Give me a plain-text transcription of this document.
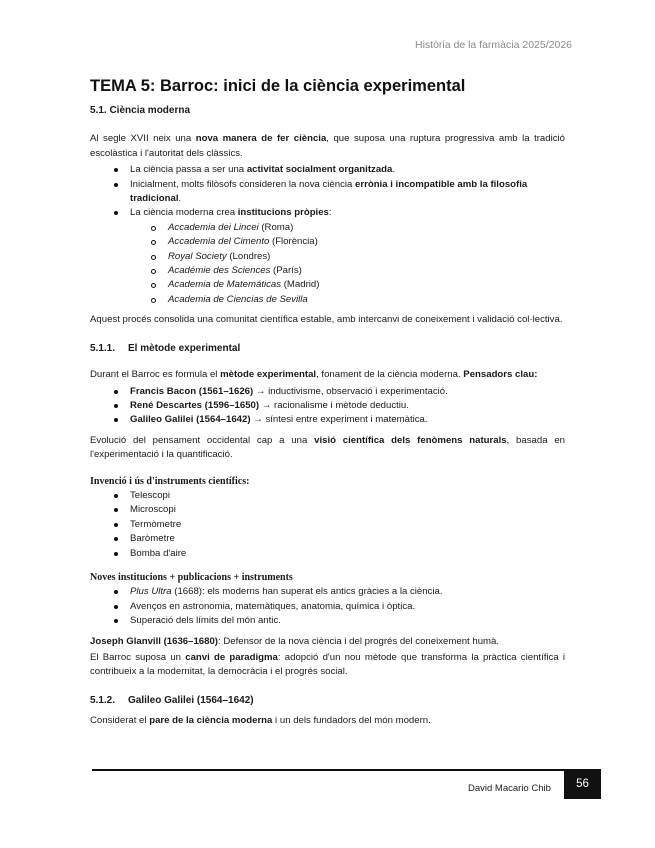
Història de la farmàcia 2025/2026
TEMA 5: Barroc: inici de la ciència experimental
5.1. Ciència moderna

Al segle XVII neix una nova manera de fer ciència, que suposa una ruptura progressiva amb la tradició escolàstica i l'autoritat dels clàssics.

La ciència passa a ser una activitat socialment organitzada.
Inicialment, molts filòsofs consideren la nova ciència errònia i incompatible amb la filosofia tradicional.
La ciència moderna crea institucions pròpies:
Accademia dei Lincei (Roma)
Accademia del Cimento (Florència)
Royal Society (Londres)
Académie des Sciences (París)
Academia de Matemáticas (Madrid)
Academia de Ciencias de Sevilla

Aquest procés consolida una comunitat científica estable, amb intercanvi de coneixement i validació col·lectiva.

5.1.1. El mètode experimental

Durant el Barroc es formula el mètode experimental, fonament de la ciència moderna. Pensadors clau:

Francis Bacon (1561–1626) → inductivisme, observació i experimentació.
René Descartes (1596–1650) → racionalisme i mètode deductiu.
Galileo Galilei (1564–1642) → síntesi entre experiment i matemàtica.

Evolució del pensament occidental cap a una visió científica dels fenòmens naturals, basada en l'experimentació i la quantificació.

Invenció i ús d'instruments científics:
Telescopi
Microscopi
Termòmetre
Baròmetre
Bomba d'aire
Noves institucions + publicacions + instruments
Plus Ultra (1668): els moderns han superat els antics gràcies a la ciència.
Avenços en astronomia, matemàtiques, anatomia, química i òptica.
Superació dels límits del món antic.

Joseph Glanvill (1636–1680): Defensor de la nova ciència i del progrés del coneixement humà.

El Barroc suposa un canvi de paradigma: adopció d'un nou mètode que transforma la pràctica científica i contribueix a la modernitat, la democràcia i el progrés social.

5.1.2. Galileo Galilei (1564–1642)

Considerat el pare de la ciència moderna i un dels fundadors del món modern.

David Macario Chib	56
